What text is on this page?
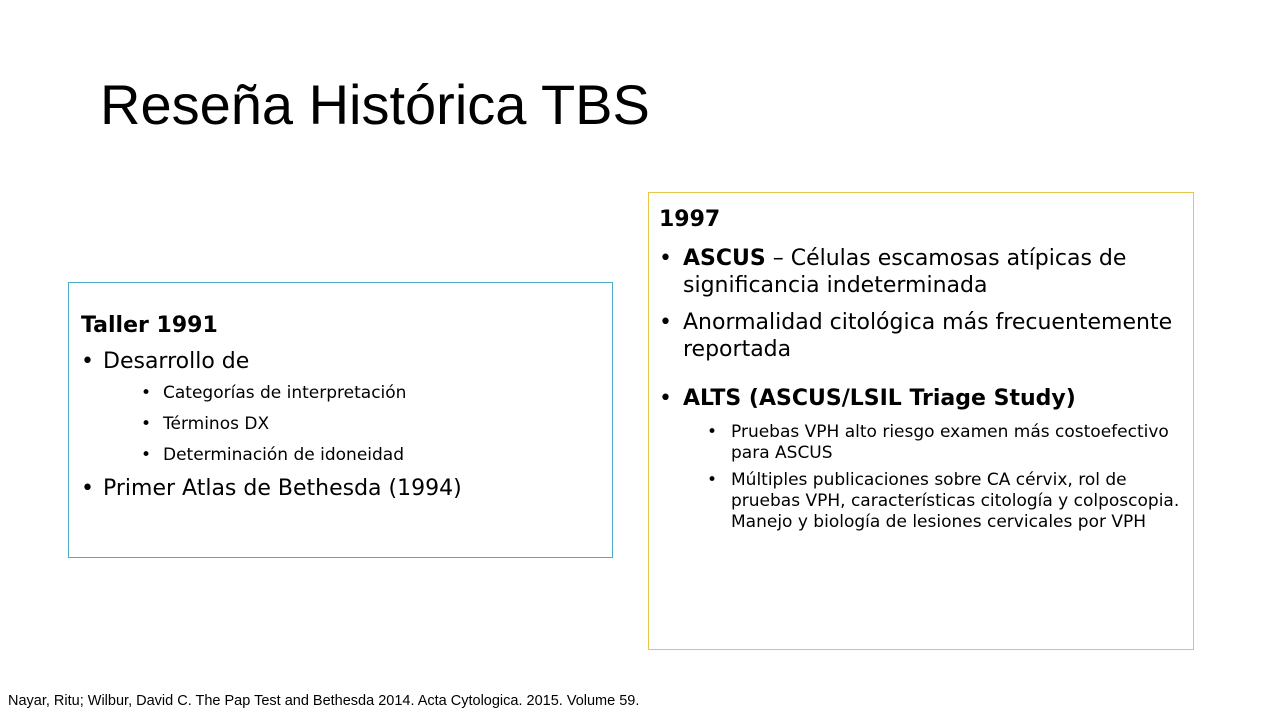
Reseña Histórica TBS
Taller 1991
• Desarrollo de
• Categorías de interpretación
• Términos DX
• Determinación de idoneidad
• Primer Atlas de Bethesda (1994)
1997
• ASCUS – Células escamosas atípicas de significancia indeterminada
• Anormalidad citológica más frecuentemente reportada
• ALTS (ASCUS/LSIL Triage Study)
• Pruebas VPH alto riesgo examen más costoefectivo para ASCUS
• Múltiples publicaciones sobre CA cérvix, rol de pruebas VPH, características citología y colposcopia. Manejo y biología de lesiones cervicales por VPH
Nayar, Ritu; Wilbur, David C. The Pap Test and Bethesda 2014. Acta Cytologica. 2015. Volume 59.
